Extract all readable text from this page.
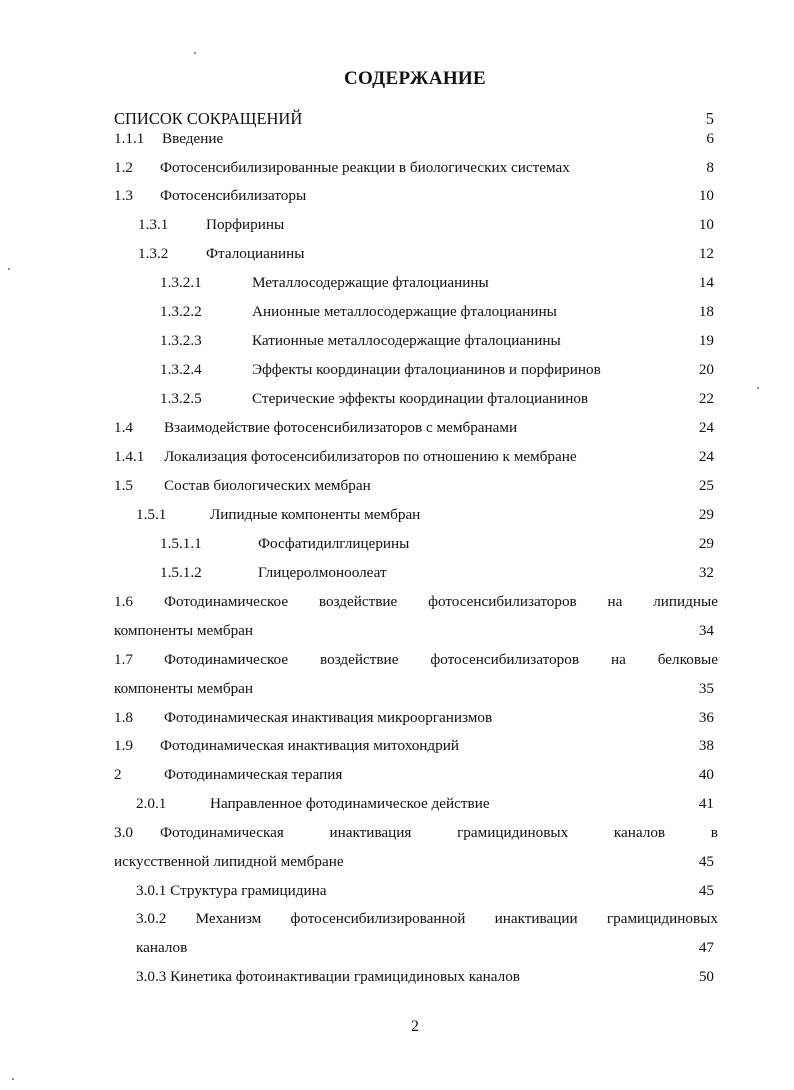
СОДЕРЖАНИЕ
СПИСОК СОКРАЩЕНИЙ	5
1.1.1 Введение	6
1.2 Фотосенсибилизированные реакции в биологических системах	8
1.3 Фотосенсибилизаторы	10
1.3.1 Порфирины	10
1.3.2 Фталоцианины	12
1.3.2.1	Металлосодержащие фталоцианины	14
1.3.2.2	Анионные металлосодержащие фталоцианины	18
1.3.2.3	Катионные металлосодержащие фталоцианины	19
1.3.2.4	Эффекты координации фталоцианинов и порфиринов	20
1.3.2.5	Стерические эффекты координации фталоцианинов	22
1.4 Взаимодействие фотосенсибилизаторов с мембранами	24
1.4.1 Локализация фотосенсибилизаторов по отношению к мембране	24
1.5 Состав биологических мембран	25
1.5.1	Липидные компоненты мембран	29
1.5.1.1	Фосфатидилглицерины	29
1.5.1.2	Глицеролмоноолеат	32
1.6 Фотодинамическое воздействие фотосенсибилизаторов на липидные
компоненты мембран	34
1.7 Фотодинамическое воздействие фотосенсибилизаторов на белковые
компоненты мембран	35
1.8 Фотодинамическая инактивация микроорганизмов	36
1.9 Фотодинамическая инактивация митохондрий	38
2	Фотодинамическая терапия	40
2.0.1	Направленное фотодинамическое действие	41
3.0 Фотодинамическая	инактивация	грамицидиновых	каналов	в
искусственной липидной мембране	45
3.0.1 Структура грамицидина	45
3.0.2 Механизм фотосенсибилизированной инактивации грамицидиновых
каналов	47
3.0.3 Кинетика фотоинактивации грамицидиновых каналов	50
2
